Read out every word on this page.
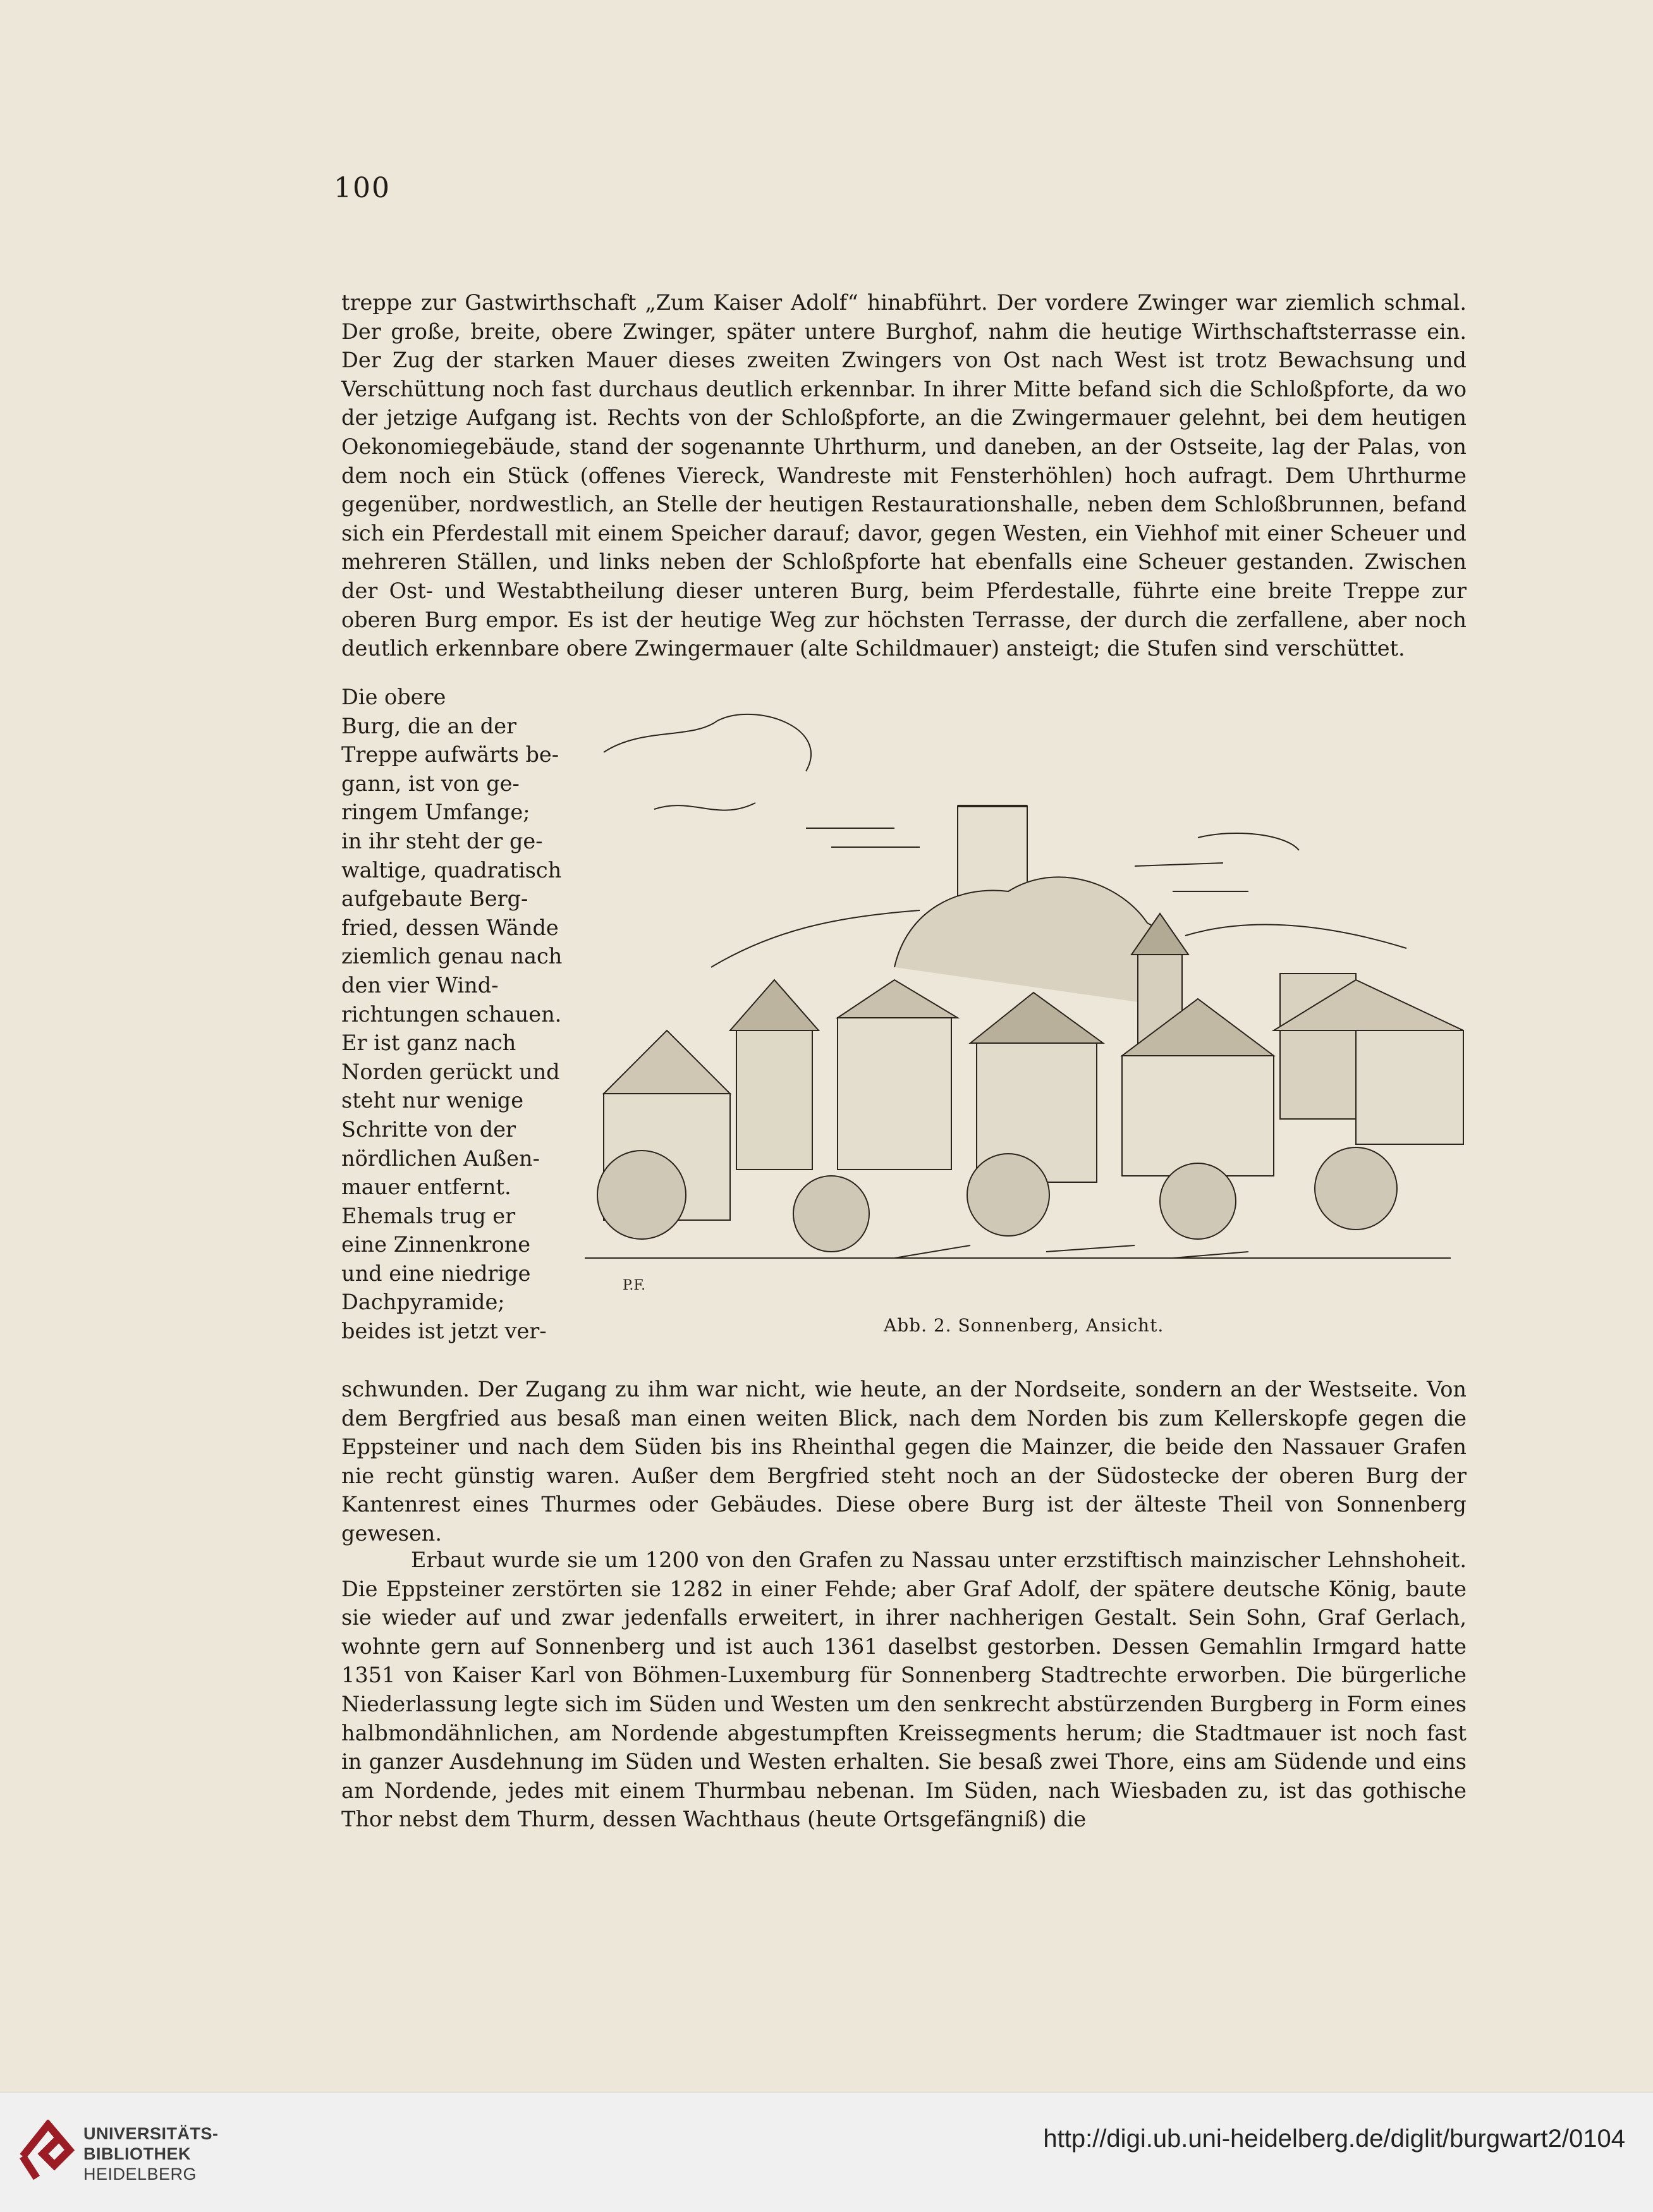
100

treppe zur Gastwirthschaft „Zum Kaiser Adolf“ hinabführt. Der vordere Zwinger war ziemlich schmal. Der große, breite, obere Zwinger, später untere Burghof, nahm die heutige Wirthschaftsterrasse ein. Der Zug der starken Mauer dieses zweiten Zwingers von Ost nach West ist trotz Bewachsung und Verschüttung noch fast durchaus deutlich erkennbar. In ihrer Mitte befand sich die Schloßpforte, da wo der jetzige Aufgang ist. Rechts von der Schloßpforte, an die Zwingermauer gelehnt, bei dem heutigen Oekonomiegebäude, stand der sogenannte Uhrthurm, und daneben, an der Ostseite, lag der Palas, von dem noch ein Stück (offenes Viereck, Wandreste mit Fensterhöhlen) hoch aufragt. Dem Uhrthurme gegenüber, nordwestlich, an Stelle der heutigen Restaurationshalle, neben dem Schloßbrunnen, befand sich ein Pferdestall mit einem Speicher darauf; davor, gegen Westen, ein Viehhof mit einer Scheuer und mehreren Ställen, und links neben der Schloßpforte hat ebenfalls eine Scheuer gestanden. Zwischen der Ost- und Westabtheilung dieser unteren Burg, beim Pferdestalle, führte eine breite Treppe zur oberen Burg empor. Es ist der heutige Weg zur höchsten Terrasse, der durch die zerfallene, aber noch deutlich erkennbare obere Zwingermauer (alte Schildmauer) ansteigt; die Stufen sind verschüttet.

Die obere
Burg, die an der
Treppe aufwärts be-
gann, ist von ge-
ringem Umfange;
in ihr steht der ge-
waltige, quadratisch
aufgebaute Berg-
fried, dessen Wände
ziemlich genau nach
den vier Wind-
richtungen schauen.
Er ist ganz nach
Norden gerückt und
steht nur wenige
Schritte von der
nördlichen Außen-
mauer entfernt.
Ehemals trug er
eine Zinnenkrone
und eine niedrige
Dachpyramide;
beides ist jetzt ver-
P.F.
Abb. 2. Sonnenberg, Ansicht.

schwunden. Der Zugang zu ihm war nicht, wie heute, an der Nordseite, sondern an der Westseite. Von dem Bergfried aus besaß man einen weiten Blick, nach dem Norden bis zum Kellerskopfe gegen die Eppsteiner und nach dem Süden bis ins Rheinthal gegen die Mainzer, die beide den Nassauer Grafen nie recht günstig waren. Außer dem Bergfried steht noch an der Südostecke der oberen Burg der Kantenrest eines Thurmes oder Gebäudes. Diese obere Burg ist der älteste Theil von Sonnenberg gewesen.

Erbaut wurde sie um 1200 von den Grafen zu Nassau unter erzstiftisch mainzischer Lehnshoheit. Die Eppsteiner zerstörten sie 1282 in einer Fehde; aber Graf Adolf, der spätere deutsche König, baute sie wieder auf und zwar jedenfalls erweitert, in ihrer nachherigen Gestalt. Sein Sohn, Graf Gerlach, wohnte gern auf Sonnenberg und ist auch 1361 daselbst gestorben. Dessen Gemahlin Irmgard hatte 1351 von Kaiser Karl von Böhmen-Luxemburg für Sonnenberg Stadtrechte erworben. Die bürgerliche Niederlassung legte sich im Süden und Westen um den senkrecht abstürzenden Burgberg in Form eines halbmondähnlichen, am Nordende abgestumpften Kreissegments herum; die Stadtmauer ist noch fast in ganzer Ausdehnung im Süden und Westen erhalten. Sie besaß zwei Thore, eins am Südende und eins am Nordende, jedes mit einem Thurmbau nebenan. Im Süden, nach Wiesbaden zu, ist das gothische Thor nebst dem Thurm, dessen Wachthaus (heute Ortsgefängniß) die

UNIVERSITÄTS-
BIBLIOTHEK
HEIDELBERG
http://digi.ub.uni-heidelberg.de/diglit/burgwart2/0104
